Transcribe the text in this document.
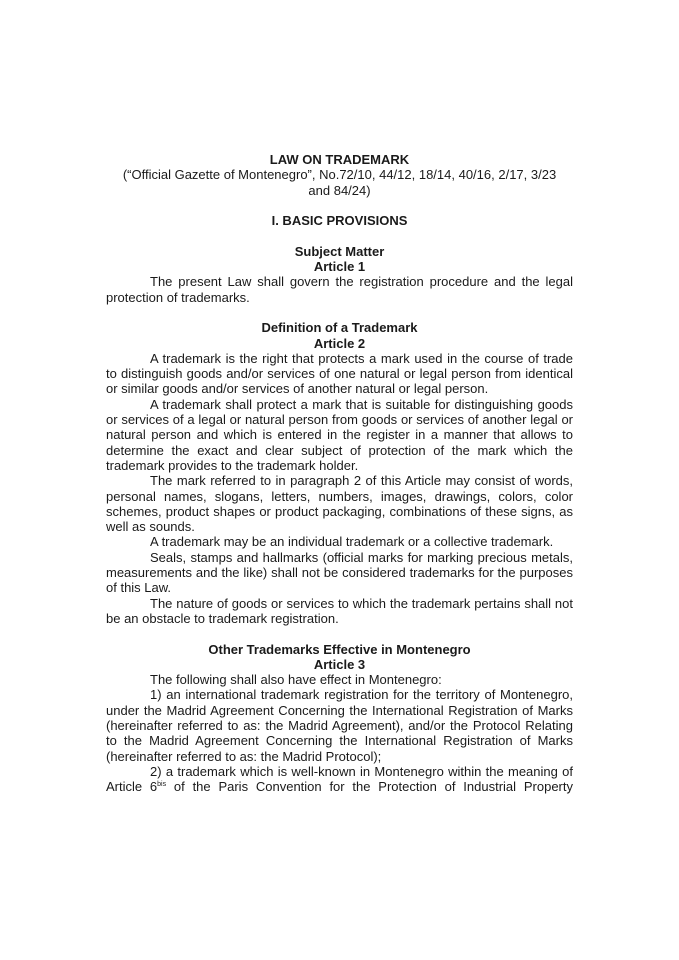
LAW ON TRADEMARK
(“Official Gazette of Montenegro”, No.72/10, 44/12, 18/14, 40/16, 2/17, 3/23
and 84/24)
I. BASIC PROVISIONS
Subject Matter
Article 1

The present Law shall govern the registration procedure and the legal protection of trademarks.

Definition of a Trademark
Article 2

A trademark is the right that protects a mark used in the course of trade to distinguish goods and/or services of one natural or legal person from identical or similar goods and/or services of another natural or legal person.

A trademark shall protect a mark that is suitable for distinguishing goods or services of a legal or natural person from goods or services of another legal or natural person and which is entered in the register in a manner that allows to determine the exact and clear subject of protection of the mark which the trademark provides to the trademark holder.

The mark referred to in paragraph 2 of this Article may consist of words, personal names, slogans, letters, numbers, images, drawings, colors, color schemes, product shapes or product packaging, combinations of these signs, as well as sounds.

A trademark may be an individual trademark or a collective trademark.

Seals, stamps and hallmarks (official marks for marking precious metals, measurements and the like) shall not be considered trademarks for the purposes of this Law.

The nature of goods or services to which the trademark pertains shall not be an obstacle to trademark registration.

Other Trademarks Effective in Montenegro
Article 3

The following shall also have effect in Montenegro:

1) an international trademark registration for the territory of Montenegro, under the Madrid Agreement Concerning the International Registration of Marks (hereinafter referred to as: the Madrid Agreement), and/or the Protocol Relating to the Madrid Agreement Concerning the International Registration of Marks (hereinafter referred to as: the Madrid Protocol);

2) a trademark which is well-known in Montenegro within the meaning of Article $6^{bis}$ of the Paris Convention for the Protection of Industrial Property
